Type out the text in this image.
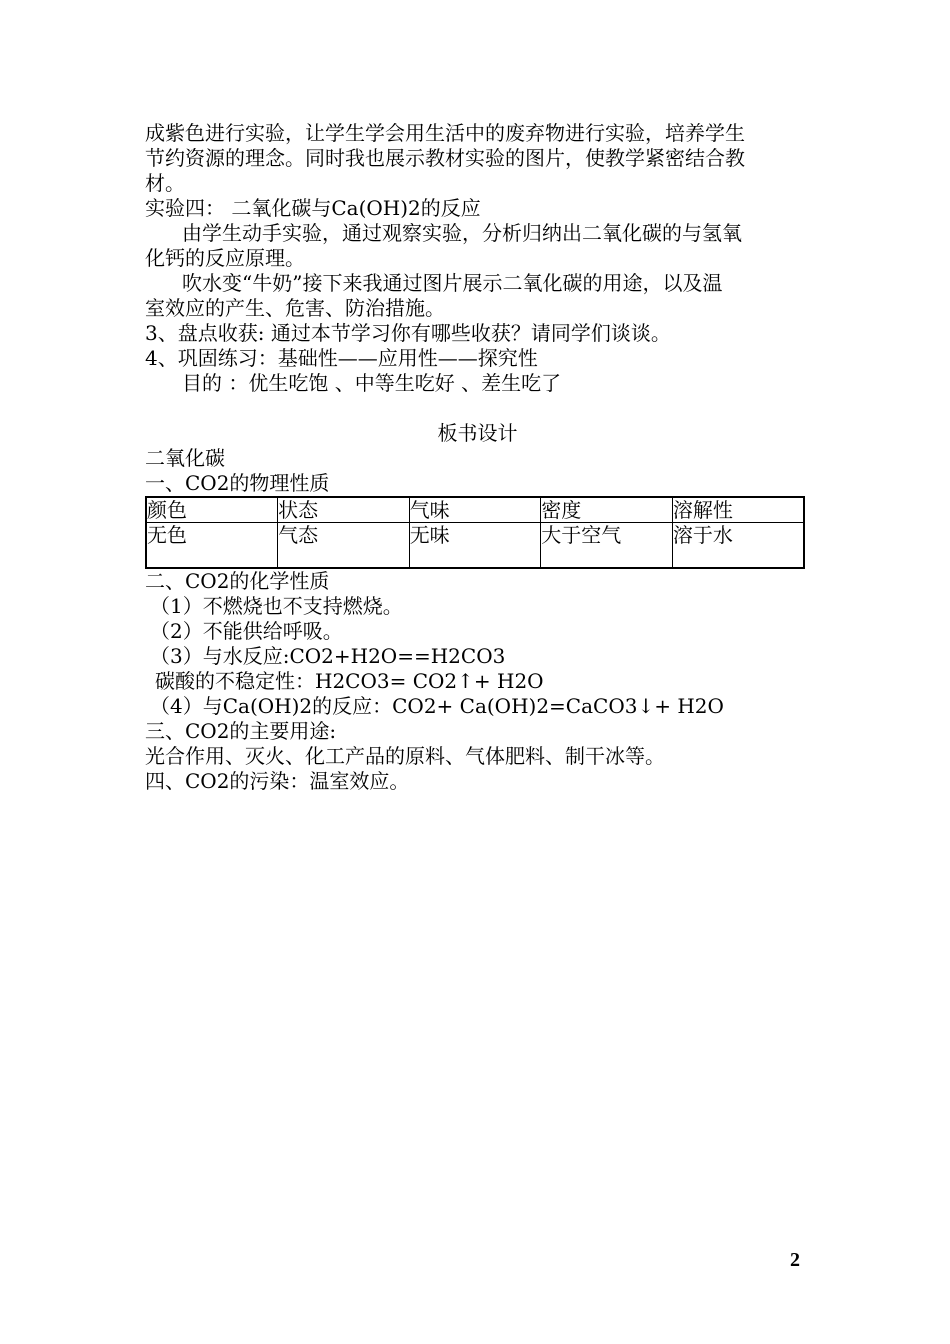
成紫色进行实验，让学生学会用生活中的废弃物进行实验，培养学生
节约资源的理念。同时我也展示教材实验的图片，使教学紧密结合教
材。
实验四： 二氧化碳与Ca(OH)2的反应
由学生动手实验，通过观察实验，分析归纳出二氧化碳的与氢氧
化钙的反应原理。
吹水变“牛奶”接下来我通过图片展示二氧化碳的用途，以及温
室效应的产生、危害、防治措施。
3、盘点收获: 通过本节学习你有哪些收获？请同学们谈谈。
4、巩固练习：基础性——应用性——探究性
目的 ：优生吃饱 、中等生吃好 、差生吃了
板书设计
二氧化碳
一、CO2的物理性质
颜色	状态	气味	密度	溶解性
无色	气态	无味	大于空气	溶于水
二、CO2的化学性质
（1）不燃烧也不支持燃烧。
（2）不能供给呼吸。
（3）与水反应:CO2+H2O==H2CO3
碳酸的不稳定性：H2CO3= CO2↑+ H2O
（4）与Ca(OH)2的反应：CO2+ Ca(OH)2=CaCO3↓+ H2O
三、CO2的主要用途:
光合作用、灭火、化工产品的原料、气体肥料、制干冰等。
四、CO2的污染：温室效应。
2
